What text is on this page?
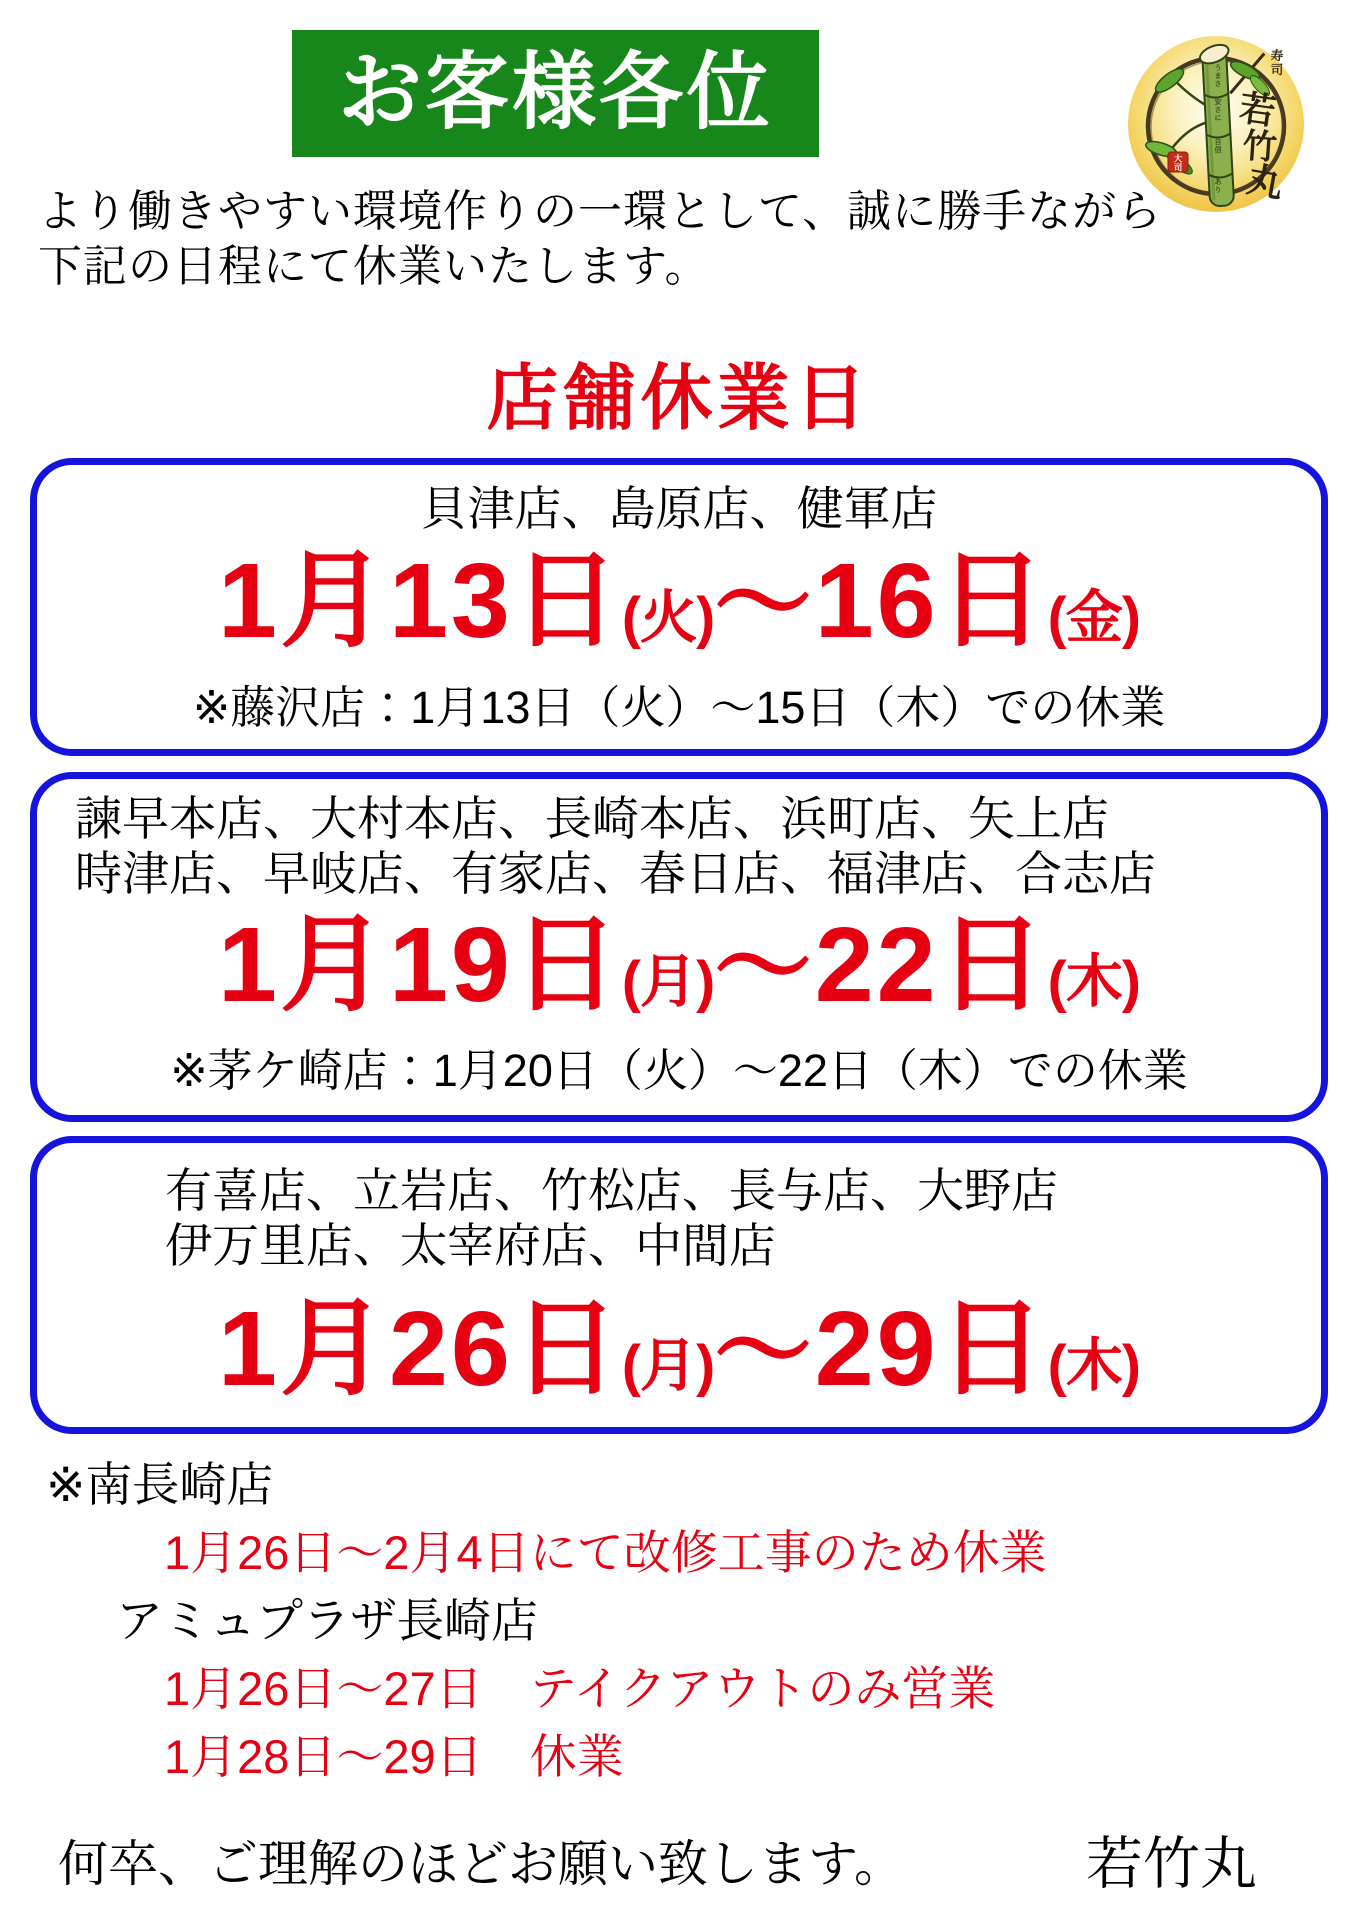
お客様各位	う
ま
さ
安
さ
に
自
信
あ
り
寿
司
若
竹
丸
大
司

より働きやすい環境作りの一環として、誠に勝手ながら
下記の日程にて休業いたします。

店舗休業日
貝津店、島原店、健軍店
1月13日(火)〜16日(金)
※藤沢店：1月13日（火）〜15日（木）での休業
諫早本店、大村本店、長崎本店、浜町店、矢上店
時津店、早岐店、有家店、春日店、福津店、合志店
1月19日(月)〜22日(木)
※茅ケ崎店：1月20日（火）〜22日（木）での休業
有喜店、立岩店、竹松店、長与店、大野店
伊万里店、太宰府店、中間店
1月26日(月)〜29日(木)
※南長崎店
1月26日〜2月4日にて改修工事のため休業
アミュプラザ長崎店
1月26日〜27日　テイクアウトのみ営業
1月28日〜29日　休業
何卒、ご理解のほどお願い致します。	若竹丸
